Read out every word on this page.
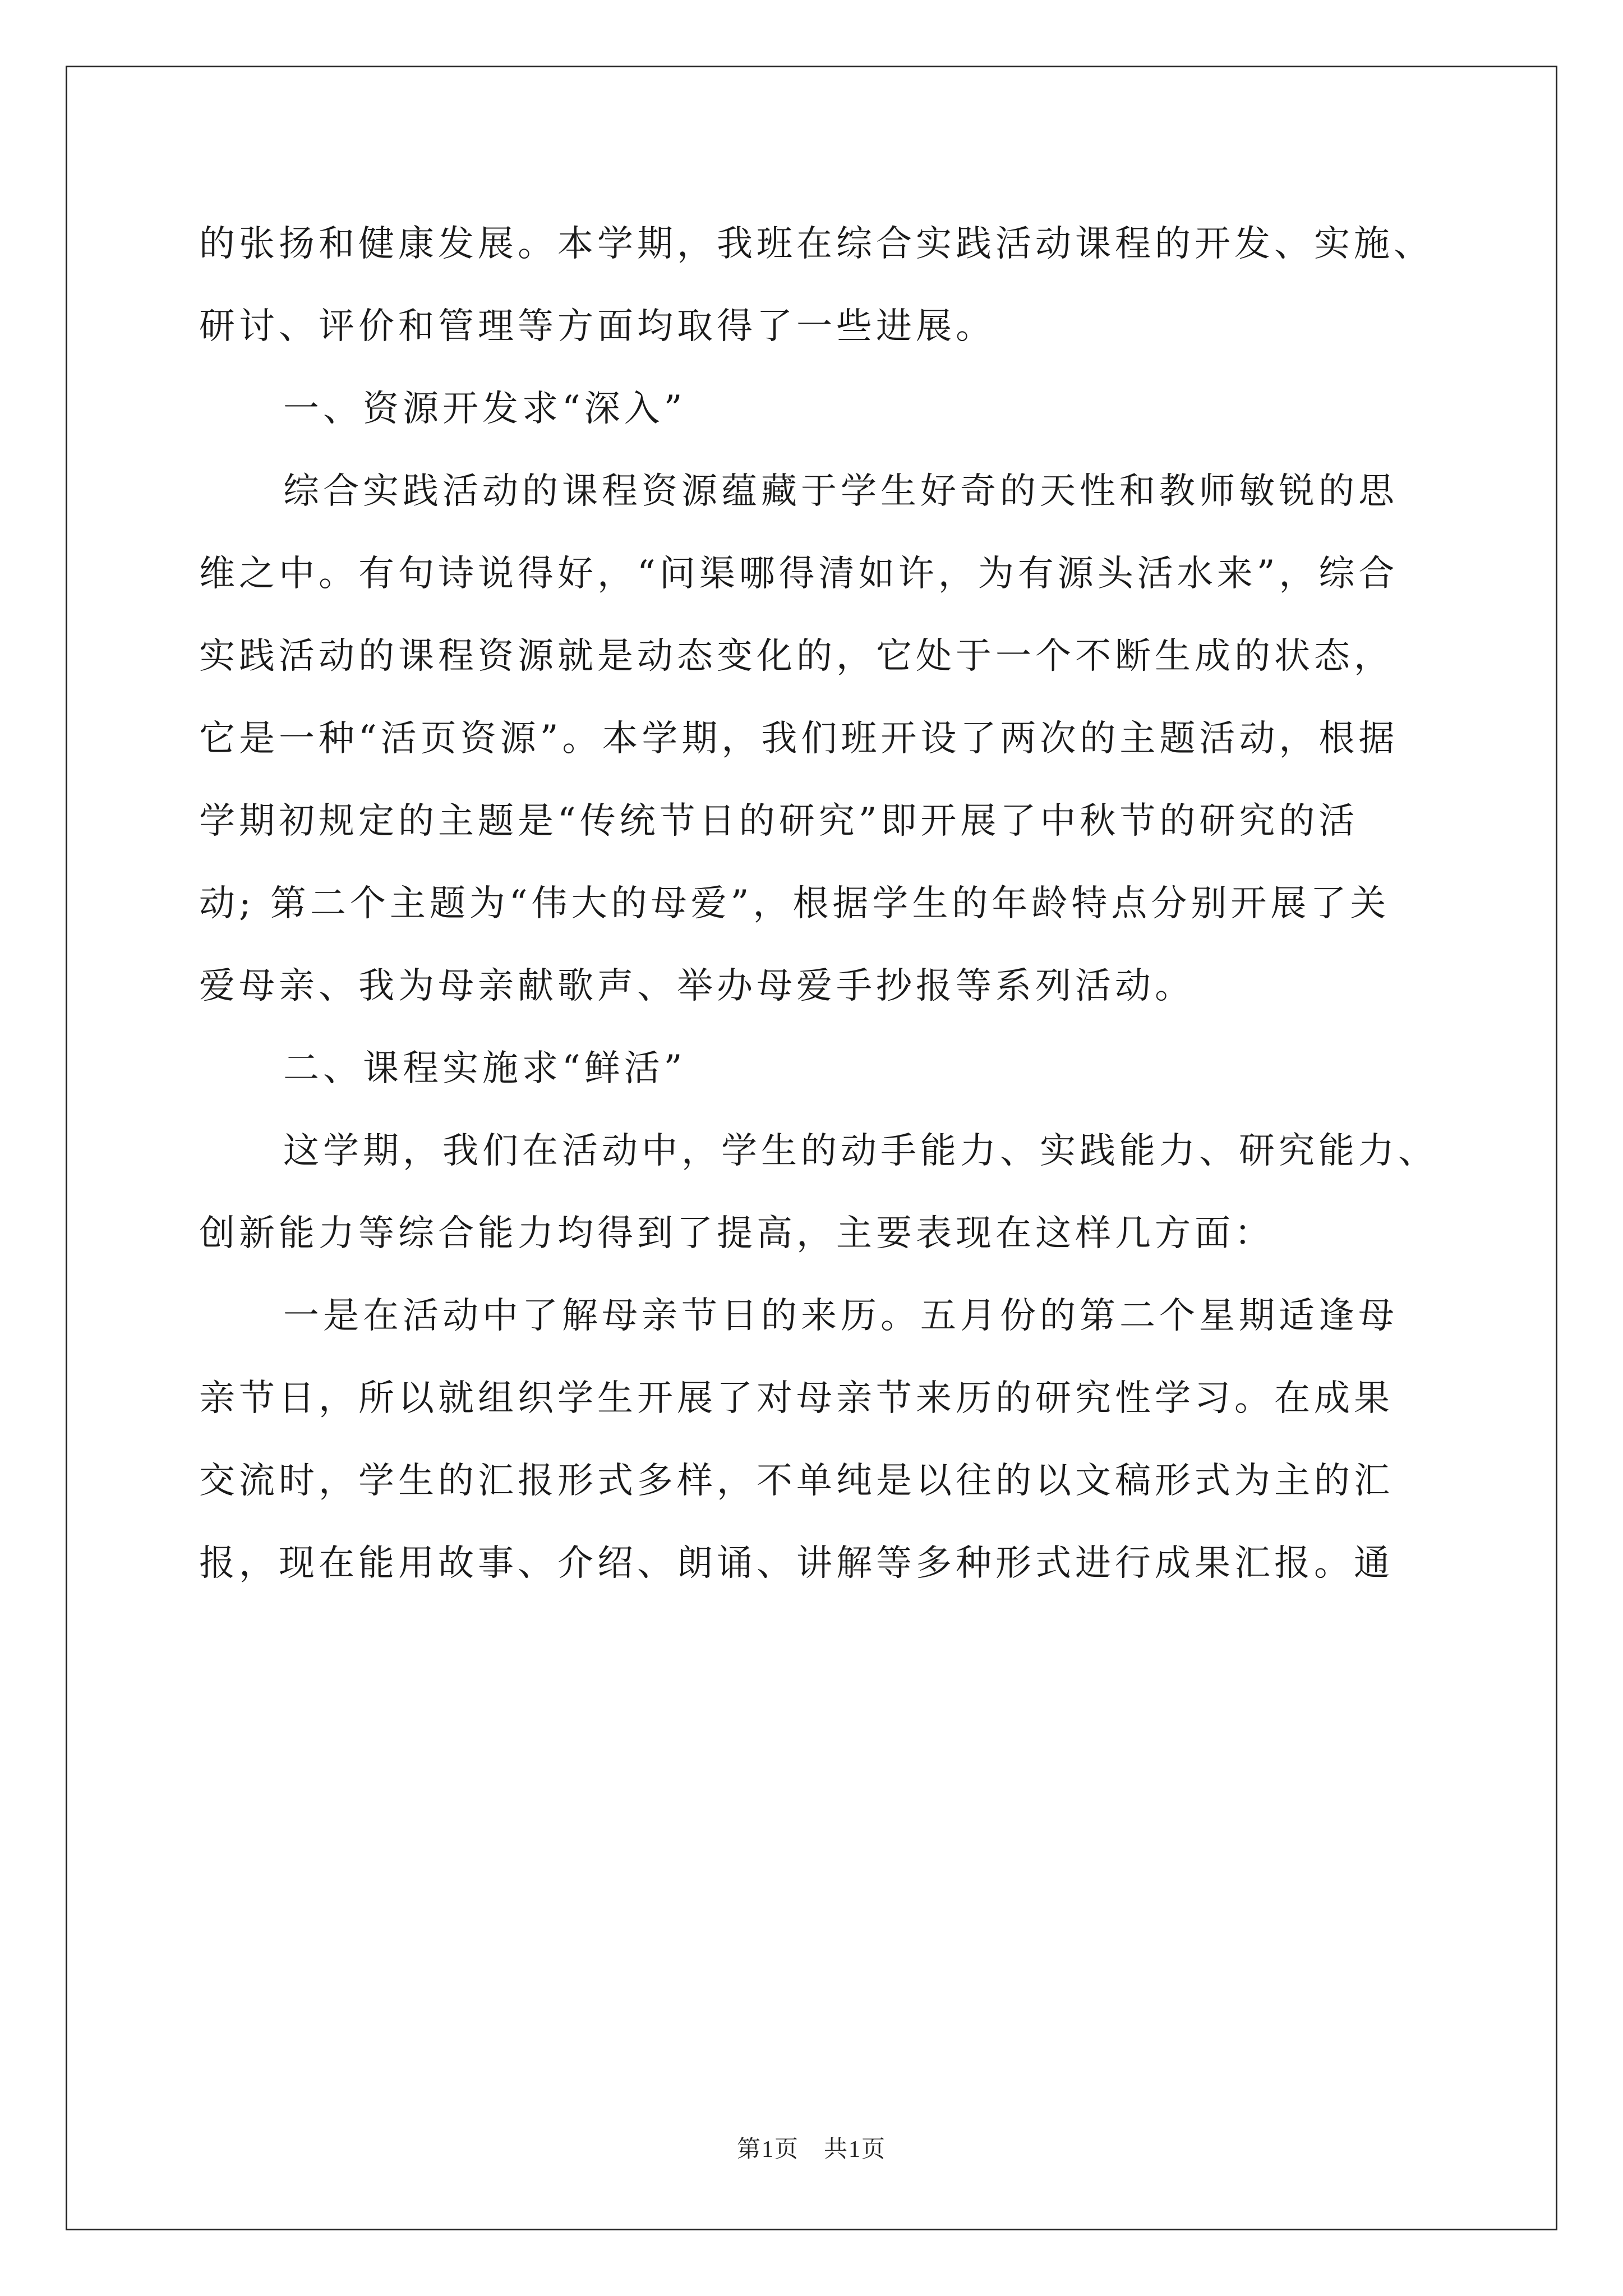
的张扬和健康发展。本学期，我班在综合实践活动课程的开发、实施、
研讨、评价和管理等方面均取得了一些进展。
一、资源开发求“深入”
综合实践活动的课程资源蕴藏于学生好奇的天性和教师敏锐的思
维之中。有句诗说得好，“问渠哪得清如许，为有源头活水来”，综合
实践活动的课程资源就是动态变化的，它处于一个不断生成的状态，
它是一种“活页资源”。本学期，我们班开设了两次的主题活动，根据
学期初规定的主题是“传统节日的研究”即开展了中秋节的研究的活
动; 第二个主题为“伟大的母爱”，根据学生的年龄特点分别开展了关
爱母亲、我为母亲献歌声、举办母爱手抄报等系列活动。
二、课程实施求“鲜活”
这学期，我们在活动中，学生的动手能力、实践能力、研究能力、
创新能力等综合能力均得到了提高，主要表现在这样几方面：
一是在活动中了解母亲节日的来历。五月份的第二个星期适逢母
亲节日，所以就组织学生开展了对母亲节来历的研究性学习。在成果
交流时，学生的汇报形式多样，不单纯是以往的以文稿形式为主的汇
报，现在能用故事、介绍、朗诵、讲解等多种形式进行成果汇报。通
第1页 共1页
